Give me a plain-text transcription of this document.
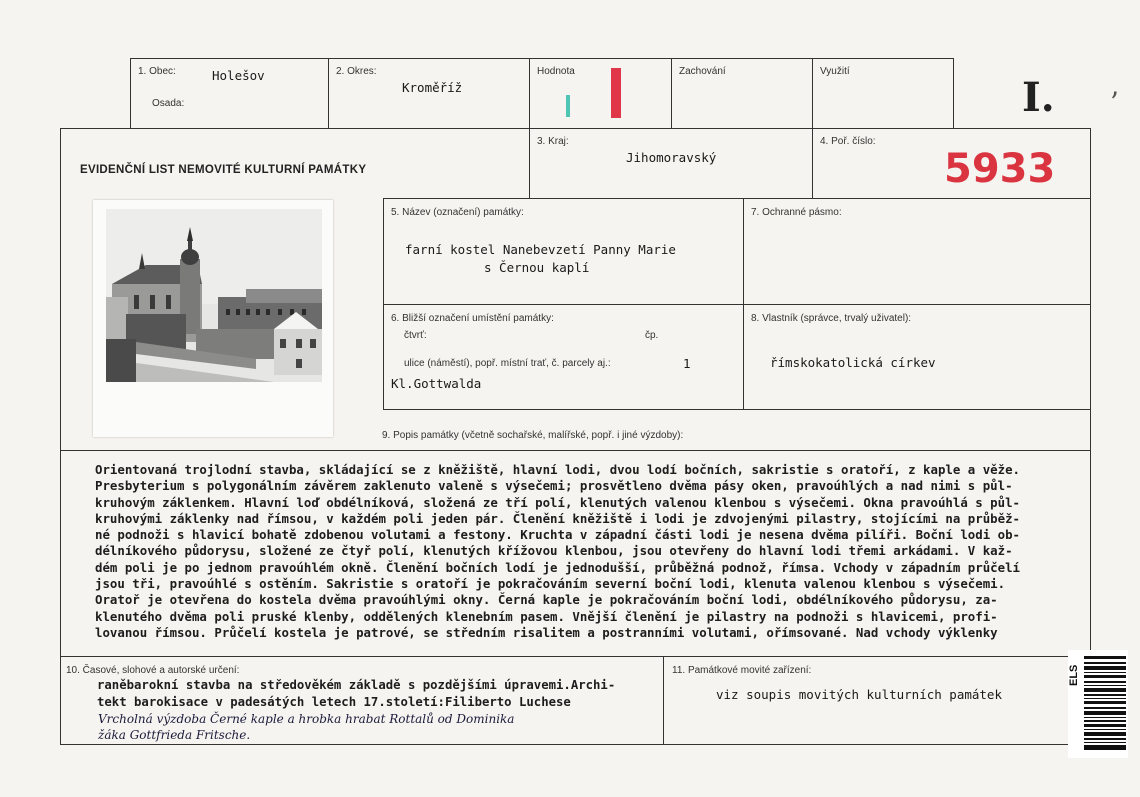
1. Obec:	Holešov
Osada:
2. Okres:
Kroměříž
Hodnota	Zachování	Využití
I. ’
EVIDENČNÍ LIST NEMOVITÉ KULTURNÍ PAMÁTKY
3. Kraj:
Jihomoravský
4. Poř. číslo:
5933
5. Název (označení) památky:
farní kostel Nanebevzetí Panny Marie
s Černou kaplí
7. Ochranné pásmo:
6. Bližší označení umístění památky:
čtvrť:	čp.
ulice (náměstí), popř. místní trať, č. parcely aj.:	1
Kl.Gottwalda
8. Vlastník (správce, trvalý uživatel):
římskokatolická církev
9. Popis památky (včetně sochařské, malířské, popř. i jiné výzdoby):
Orientovaná trojlodní stavba, skládající se z kněžiště, hlavní lodi, dvou lodí bočních, sakristie s oratoří, z kaple a věže.
Presbyterium s polygonálním závěrem zaklenuto valeně s výsečemi; prosvětleno dvěma pásy oken, pravoúhlých a nad nimi s půl-
kruhovým záklenkem. Hlavní loď obdélníková, složená ze tří polí, klenutých valenou klenbou s výsečemi. Okna pravoúhlá s půl-
kruhovými záklenky nad římsou, v každém poli jeden pár. Členění kněžiště i lodi je zdvojenými pilastry, stojícími na průběž-
né podnoži s hlavicí bohatě zdobenou volutami a festony. Kruchta v západní části lodi je nesena dvěma pilíři. Boční lodi ob-
délníkového půdorysu, složené ze čtyř polí, klenutých křížovou klenbou, jsou otevřeny do hlavní lodi třemi arkádami. V kaž-
dém poli je po jednom pravoúhlém okně. Členění bočních lodí je jednodušší, průběžná podnož, římsa. Vchody v západním průčelí
jsou tři, pravoúhlé s ostěním. Sakristie s oratoří je pokračováním severní boční lodi, klenuta valenou klenbou s výsečemi.
Oratoř je otevřena do kostela dvěma pravoúhlými okny. Černá kaple je pokračováním boční lodi, obdélníkového půdorysu, za-
klenutého dvěma poli pruské klenby, oddělených klenebním pasem. Vnější členění je pilastry na podnoži s hlavicemi, profi-
lovanou římsou. Průčelí kostela je patrové, se středním risalitem a postranními volutami, ořímsované. Nad vchody výklenky
10. Časové, slohové a autorské určení:
raněbarokní stavba na středověkém základě s pozdějšími úpravemi.Archi-
tekt barokisace v padesátých letech 17.století:Filiberto Luchese
Vrcholná výzdoba Černé kaple a hrobka hrabat Rottalů od Dominika
žáka Gottfrieda Fritsche.
11. Památkové movité zařízení:
viz soupis movitých kulturních památek
ELS
